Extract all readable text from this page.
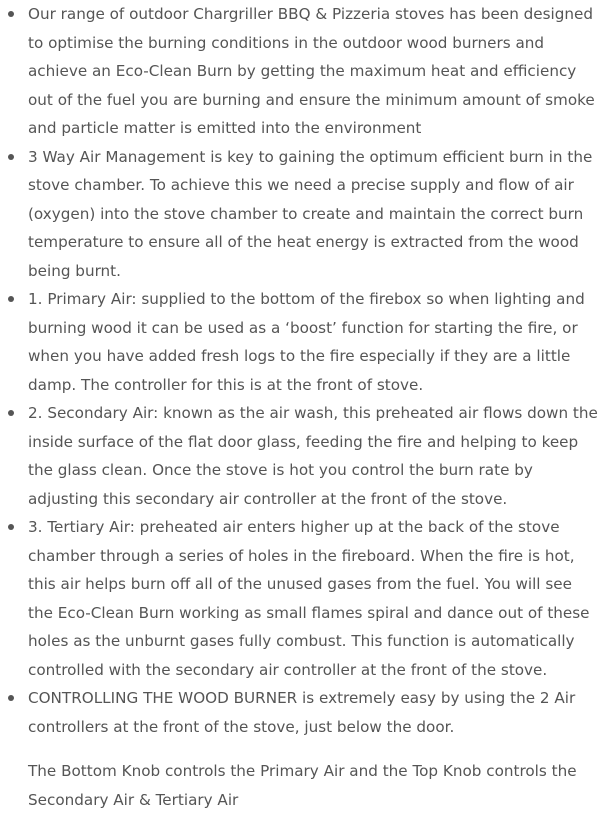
Our range of outdoor Chargriller BBQ & Pizzeria stoves has been designed to optimise the burning conditions in the outdoor wood burners and achieve an Eco-Clean Burn by getting the maximum heat and efficiency out of the fuel you are burning and ensure the minimum amount of smoke and particle matter is emitted into the environment
3 Way Air Management is key to gaining the optimum efficient burn in the stove chamber. To achieve this we need a precise supply and flow of air (oxygen) into the stove chamber to create and maintain the correct burn temperature to ensure all of the heat energy is extracted from the wood being burnt.
1. Primary Air: supplied to the bottom of the firebox so when lighting and burning wood it can be used as a ‘boost’ function for starting the fire, or when you have added fresh logs to the fire especially if they are a little damp. The controller for this is at the front of stove.
2. Secondary Air: known as the air wash, this preheated air flows down the inside surface of the flat door glass, feeding the fire and helping to keep the glass clean. Once the stove is hot you control the burn rate by adjusting this secondary air controller at the front of the stove.
3. Tertiary Air: preheated air enters higher up at the back of the stove chamber through a series of holes in the fireboard. When the fire is hot, this air helps burn off all of the unused gases from the fuel. You will see the Eco-Clean Burn working as small flames spiral and dance out of these holes as the unburnt gases fully combust. This function is automatically controlled with the secondary air controller at the front of the stove.
CONTROLLING THE WOOD BURNER is extremely easy by using the 2 Air controllers at the front of the stove, just below the door.

The Bottom Knob controls the Primary Air and the Top Knob controls the Secondary Air & Tertiary Air
